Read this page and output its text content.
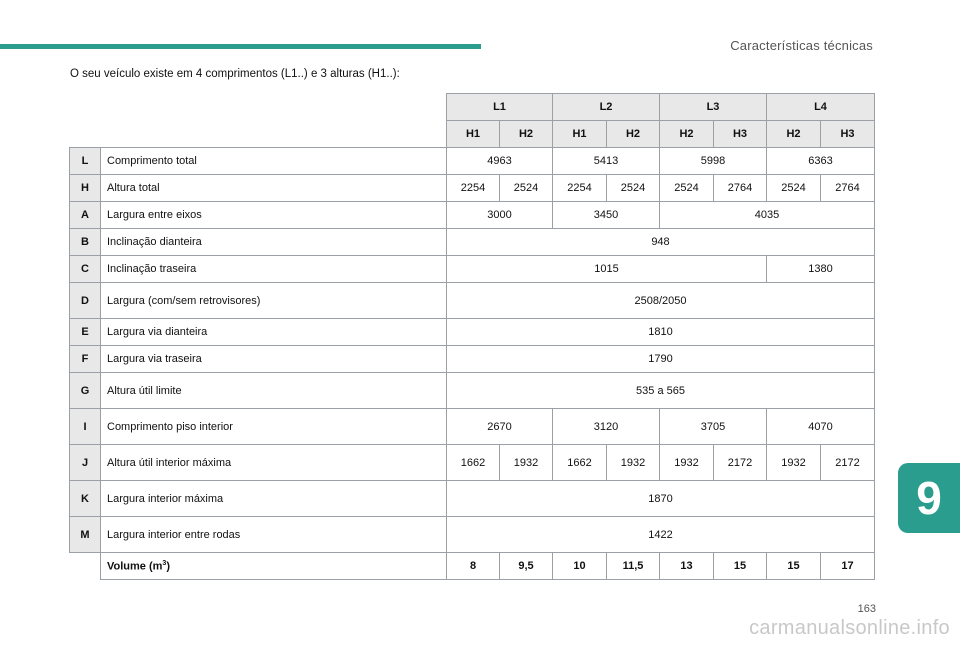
Características técnicas
O seu veículo existe em 4 comprimentos (L1..) e 3 alturas (H1..):
		L1		L2		L3		L4	
		H1	H2	H1	H2	H2	H3	H2	H3
L	Comprimento total	4963		5413		5998		6363	
H	Altura total	2254	2524	2254	2524	2524	2764	2524	2764
A	Largura entre eixos	3000		3450		4035			
B	Inclinação dianteira	948							
C	Inclinação traseira	1015						1380	
D	Largura (com/sem retrovisores)	2508/2050							
E	Largura via dianteira	1810							
F	Largura via traseira	1790							
G	Altura útil limite	535 a 565							
I	Comprimento piso interior	2670		3120		3705		4070	
J	Altura útil interior máxima	1662	1932	1662	1932	1932	2172	1932	2172
K	Largura interior máxima	1870							
M	Largura interior entre rodas	1422							
	Volume $(m^3)$	8	9,5	10	11,5	13	15	15	17
9
163
carmanualsonline.info
